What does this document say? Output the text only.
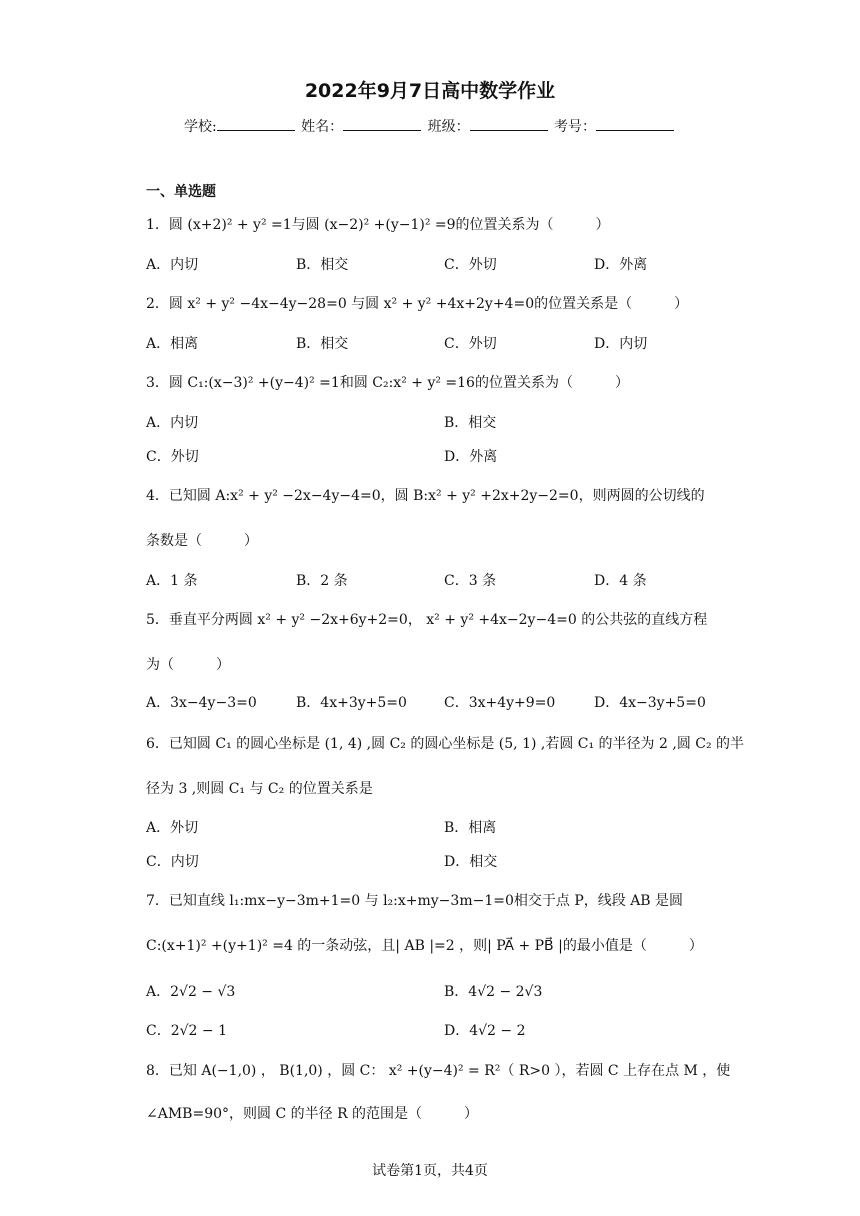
2022年9月7日高中数学作业
学校:	姓名：	班级：	考号：
一、单选题
1．圆 (x+2)² + y² =1与圆 (x−2)² +(y−1)² =9的位置关系为（　　　）
A．内切	B．相交	C．外切	D．外离
2．圆 x² + y² −4x−4y−28=0 与圆 x² + y² +4x+2y+4=0的位置关系是（　　　）
A．相离	B．相交	C．外切	D．内切
3．圆 C₁:(x−3)² +(y−4)² =1和圆 C₂:x² + y² =16的位置关系为（　　　）
A．内切	B．相交
C．外切	D．外离
4．已知圆 A:x² + y² −2x−4y−4=0，圆 B:x² + y² +2x+2y−2=0，则两圆的公切线的
条数是（　　　）
A．1 条	B．2 条	C．3 条	D．4 条
5．垂直平分两圆 x² + y² −2x+6y+2=0， x² + y² +4x−2y−4=0 的公共弦的直线方程
为（　　　）
A．3x−4y−3=0	B．4x+3y+5=0	C．3x+4y+9=0	D．4x−3y+5=0
6．已知圆 C₁ 的圆心坐标是 (1, 4) ,圆 C₂ 的圆心坐标是 (5, 1) ,若圆 C₁ 的半径为 2 ,圆 C₂ 的半
径为 3 ,则圆 C₁ 与 C₂ 的位置关系是
A．外切	B．相离
C．内切	D．相交
7．已知直线 l₁:mx−y−3m+1=0 与 l₂:x+my−3m−1=0相交于点 P，线段 AB 是圆
C:(x+1)² +(y+1)² =4 的一条动弦，且| AB |=2 ，则| PA⃗ + PB⃗ |的最小值是（　　　）
A．2√2 − √3	B．4√2 − 2√3
C．2√2 − 1	D．4√2 − 2
8．已知 A(−1,0) ， B(1,0) ，圆 C： x² +(y−4)² = R²（ R>0 ），若圆 C 上存在点 M ，使
∠AMB=90°，则圆 C 的半径 R 的范围是（　　　）
试卷第1页，共4页
